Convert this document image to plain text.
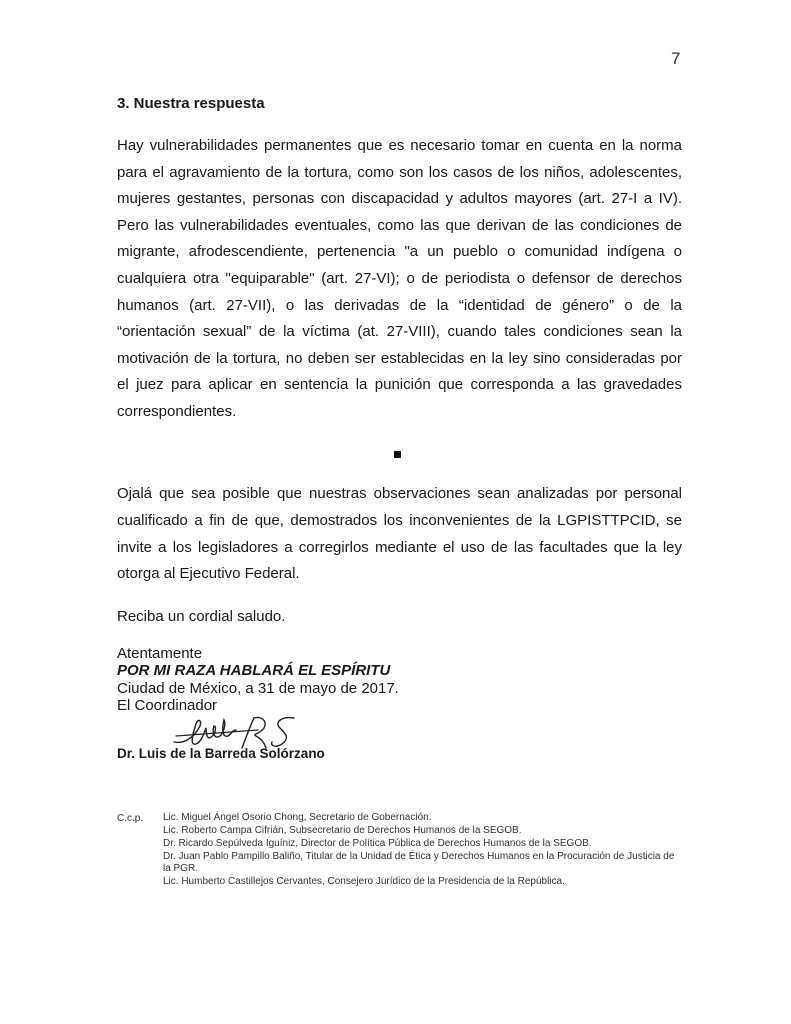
7
3. Nuestra respuesta

Hay vulnerabilidades permanentes que es necesario tomar en cuenta en la norma para el agravamiento de la tortura, como son los casos de los niños, adolescentes, mujeres gestantes, personas con discapacidad y adultos mayores (art. 27-I a IV). Pero las vulnerabilidades eventuales, como las que derivan de las condiciones de migrante, afrodescendiente, pertenencia "a un pueblo o comunidad indígena o cualquiera otra "equiparable" (art. 27-VI); o de periodista o defensor de derechos humanos (art. 27-VII), o las derivadas de la “identidad de género” o de la “orientación sexual” de la víctima (at. 27-VIII), cuando tales condiciones sean la motivación de la tortura, no deben ser establecidas en la ley sino consideradas por el juez para aplicar en sentencia la punición que corresponda a las gravedades correspondientes.

Ojalá que sea posible que nuestras observaciones sean analizadas por personal cualificado a fin de que, demostrados los inconvenientes de la LGPISTTPCID, se invite a los legisladores a corregirlos mediante el uso de las facultades que la ley otorga al Ejecutivo Federal.

Reciba un cordial saludo.
Atentamente
POR MI RAZA HABLARÁ EL ESPÍRITU
Ciudad de México, a 31 de mayo de 2017.
El Coordinador
Dr. Luis de la Barreda Solórzano
C.c.p. Lic. Miguel Ángel Osorio Chong, Secretario de Gobernación.
Lic. Roberto Campa Cifrián, Subsecretario de Derechos Humanos de la SEGOB.
Dr. Ricardo Sepúlveda Iguíniz, Director de Política Pública de Derechos Humanos de la SEGOB.
Dr. Juan Pablo Pampillo Baliño, Titular de la Unidad de Ética y Derechos Humanos en la Procuración de Justicia de la PGR.
Lic. Humberto Castillejos Cervantes, Consejero Jurídico de la Presidencia de la República.
